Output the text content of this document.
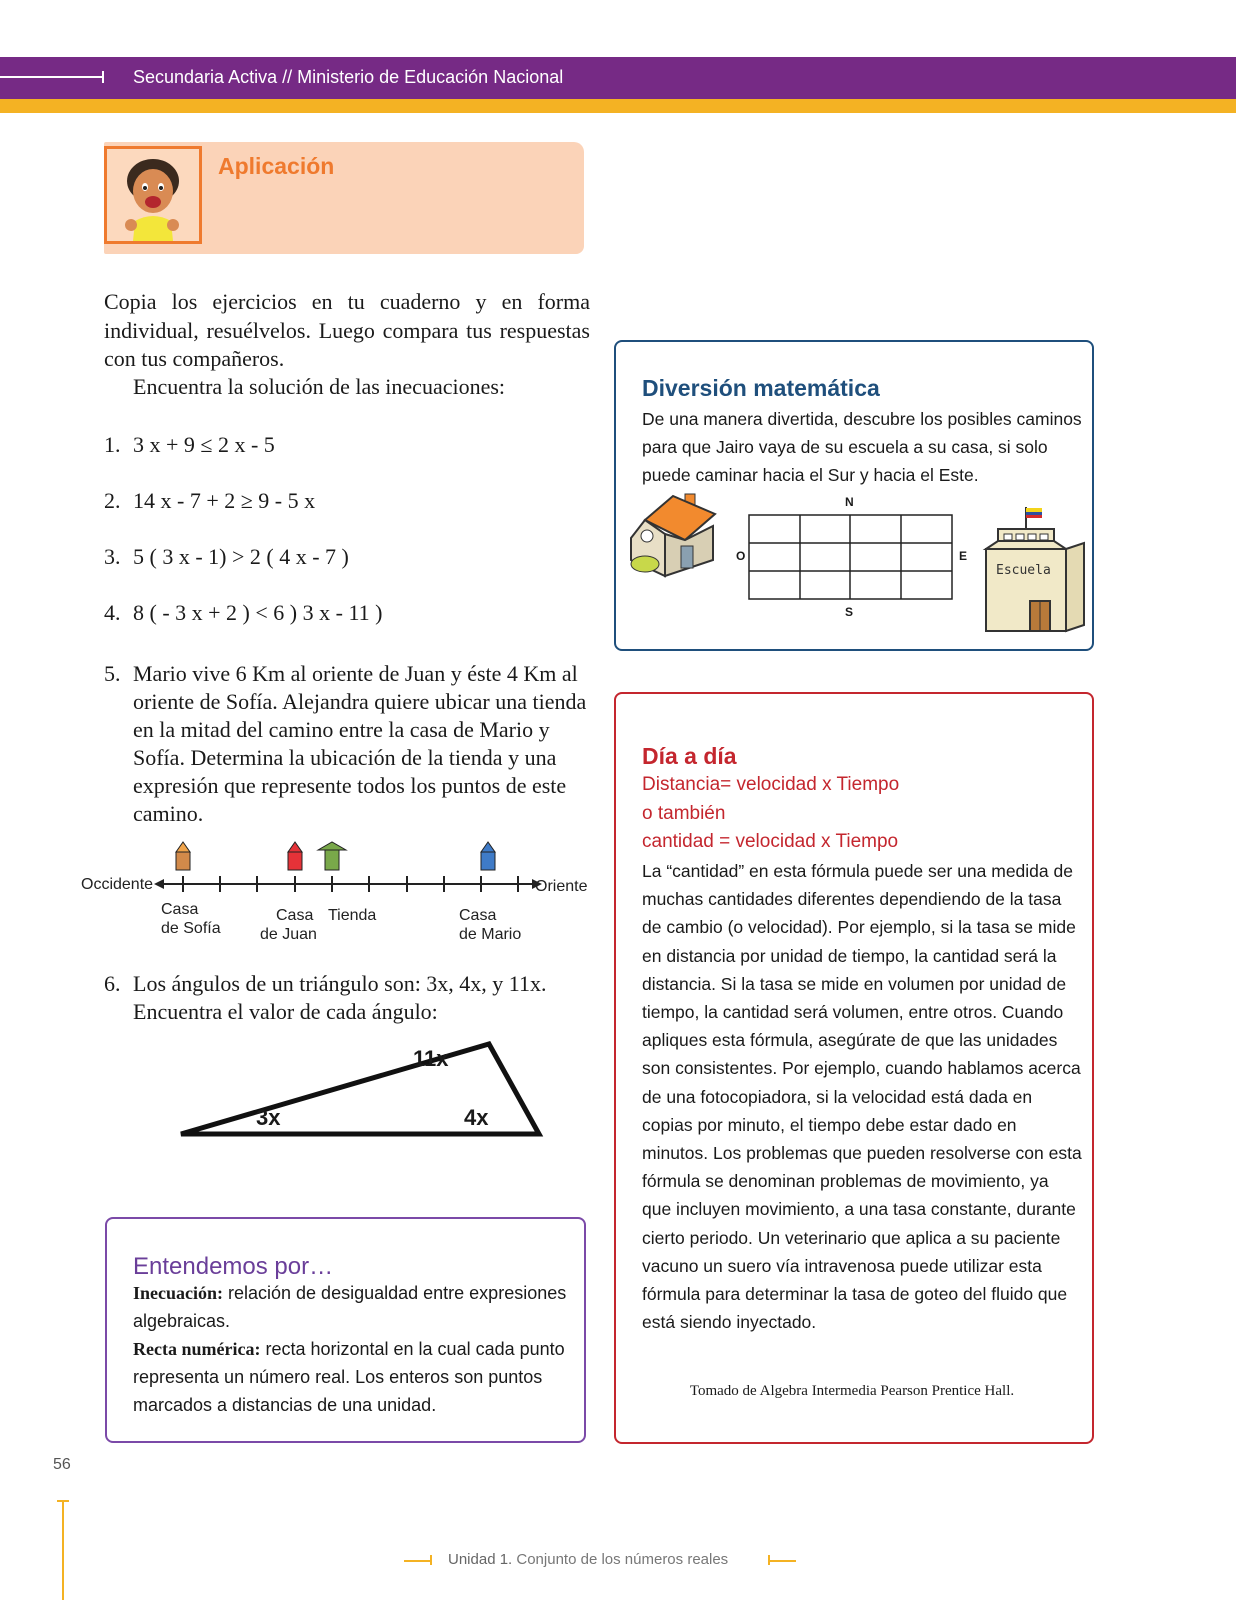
Secundaria Activa // Ministerio de Educación Nacional
Aplicación
Copia los ejercicios en tu cuaderno y en forma individual, resuélvelos. Luego compara tus respuestas con tus compañeros.
Encuentra la solución de las inecuaciones:
1. 3 x + 9 ≤ 2 x - 5
2. 14 x - 7 + 2 ≥ 9 - 5 x
3. 5 ( 3 x - 1) > 2 ( 4 x - 7 )
4. 8 ( - 3 x + 2 ) < 6 ) 3 x - 11 )
5. Mario vive 6 Km al oriente de Juan y éste 4 Km al oriente de Sofía. Alejandra quiere ubicar una tienda en la mitad del camino entre la casa de Mario y Sofía. Determina la ubicación de la tienda y una expresión que represente todos los puntos de este camino.
Occidente	Oriente
Casa
de Sofía
Casa
de Juan
Tienda	Casa
de Mario
6. Los ángulos de un triángulo son: 3x, 4x, y 11x. Encuentra el valor de cada ángulo:
11x
3x	4x
Entendemos por…
Inecuación: relación de desigualdad entre expresiones algebraicas.
Recta numérica: recta horizontal en la cual cada punto representa un número real. Los enteros son puntos marcados a distancias de una unidad.
Diversión matemática
De una manera divertida, descubre los posibles caminos para que Jairo vaya de su escuela a su casa, si solo puede caminar hacia el Sur y hacia el Este.
N
S
O	E
Escuela
Día a día
Distancia= velocidad x Tiempo
o también
cantidad = velocidad x Tiempo
La “cantidad” en esta fórmula puede ser una medida de muchas cantidades diferentes dependiendo de la tasa de cambio (o velocidad). Por ejemplo, si la tasa se mide en distancia por unidad de tiempo, la cantidad será la distancia. Si la tasa se mide en volumen por unidad de tiempo, la cantidad será volumen, entre otros. Cuando apliques esta fórmula, asegúrate de que las unidades son consistentes. Por ejemplo, cuando hablamos acerca de una fotocopiadora, si la velocidad está dada en copias por minuto, el tiempo debe estar dado en minutos. Los problemas que pueden resolverse con esta fórmula se denominan problemas de movimiento, ya que incluyen movimiento, a una tasa constante, durante cierto periodo. Un veterinario que aplica a su paciente vacuno un suero vía intravenosa puede utilizar esta fórmula para determinar la tasa de goteo del fluido que está siendo inyectado.
Tomado de Algebra Intermedia Pearson Prentice Hall.
56
Unidad 1. Conjunto de los números reales
